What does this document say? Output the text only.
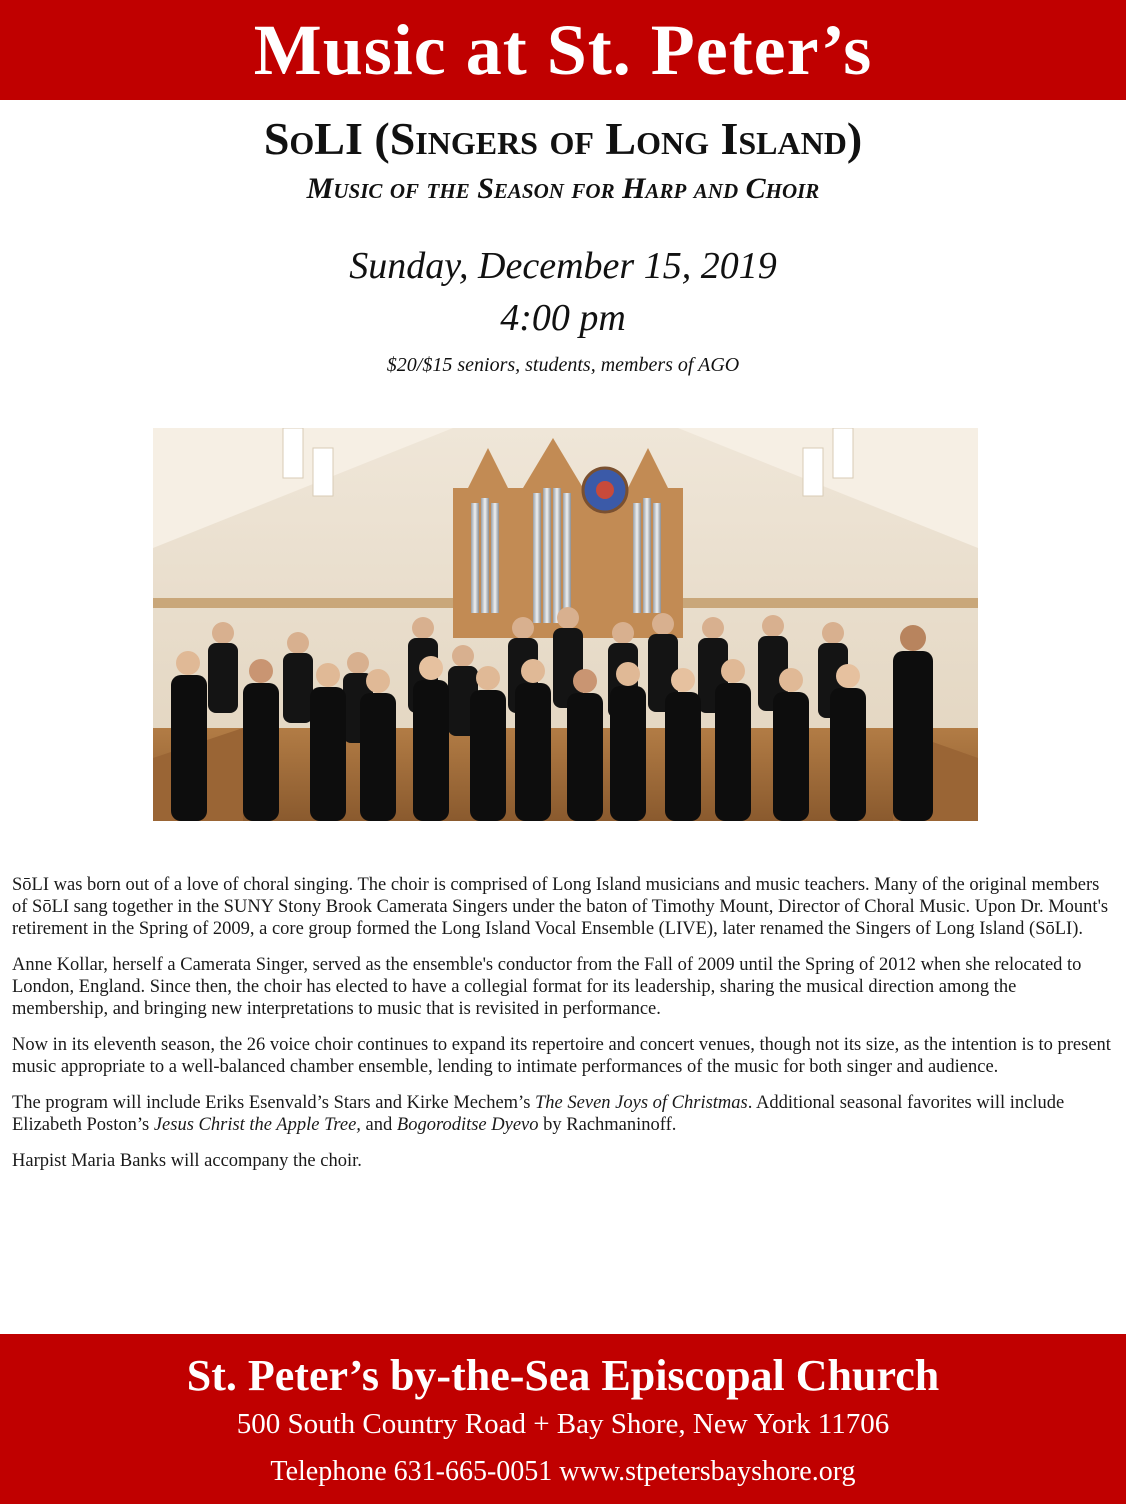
Music at St. Peter’s
SoLI (Singers of Long Island)
Music of the Season for Harp and Choir
Sunday, December 15, 2019
4:00 pm
$20/$15 seniors, students, members of AGO

SōLI was born out of a love of choral singing. The choir is comprised of Long Island musicians and music teachers. Many of the original members of SōLI sang together in the SUNY Stony Brook Camerata Singers under the baton of Timothy Mount, Director of Choral Music. Upon Dr. Mount's retirement in the Spring of 2009, a core group formed the Long Island Vocal Ensemble (LIVE), later renamed the Singers of Long Island (SōLI).

Anne Kollar, herself a Camerata Singer, served as the ensemble's conductor from the Fall of 2009 until the Spring of 2012 when she relocated to London, England. Since then, the choir has elected to have a collegial format for its leadership, sharing the musical direction among the membership, and bringing new interpretations to music that is revisited in performance.

Now in its eleventh season, the 26 voice choir continues to expand its repertoire and concert venues, though not its size, as the intention is to present music appropriate to a well-balanced chamber ensemble, lending to intimate performances of the music for both singer and audience.

The program will include Eriks Esenvald’s Stars and Kirke Mechem’s The Seven Joys of Christmas. Additional seasonal favorites will include Elizabeth Poston’s Jesus Christ the Apple Tree, and Bogoroditse Dyevo by Rachmaninoff.

Harpist Maria Banks will accompany the choir.

St. Peter’s by-the-Sea Episcopal Church
500 South Country Road + Bay Shore, New York 11706
Telephone 631-665-0051 www.stpetersbayshore.org
